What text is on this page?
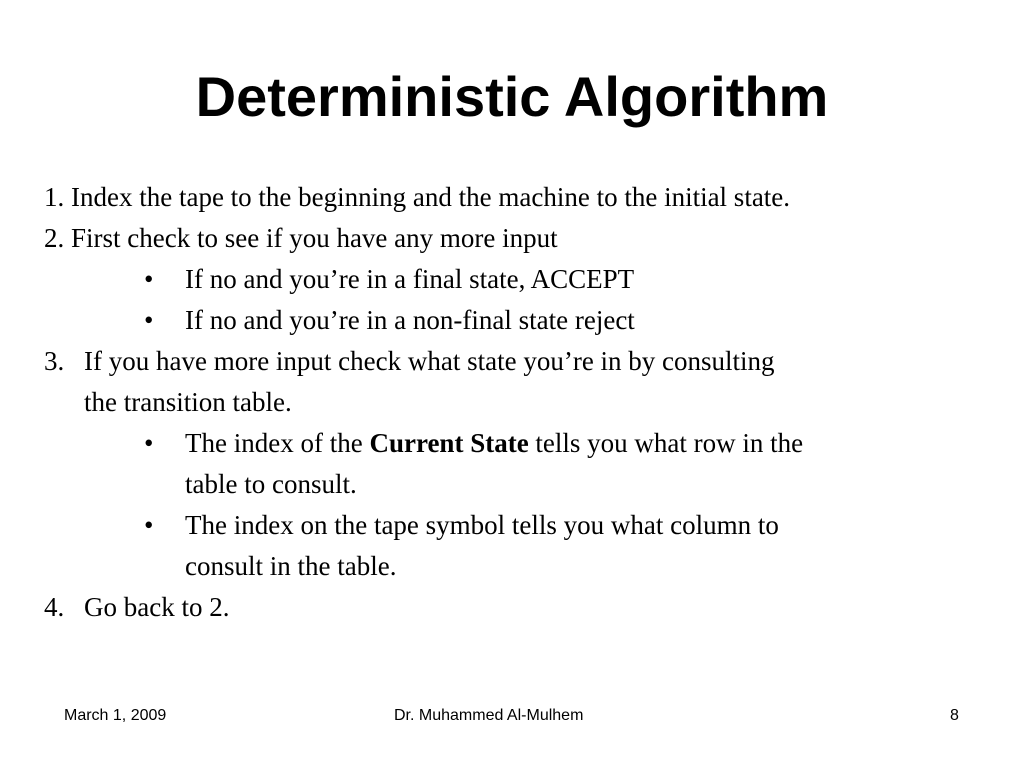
Deterministic Algorithm
1. Index the tape to the beginning and the machine to the initial state.
2. First check to see if you have any more input
• If no and you’re in a final state, ACCEPT
• If no and you’re in a non-final state reject
3. If you have more input check what state you’re in by consulting
the transition table.
• The index of the Current State tells you what row in the
table to consult.
• The index on the tape symbol tells you what column to
consult in the table.
4. Go back to 2.
March 1, 2009	Dr. Muhammed Al-Mulhem	8
